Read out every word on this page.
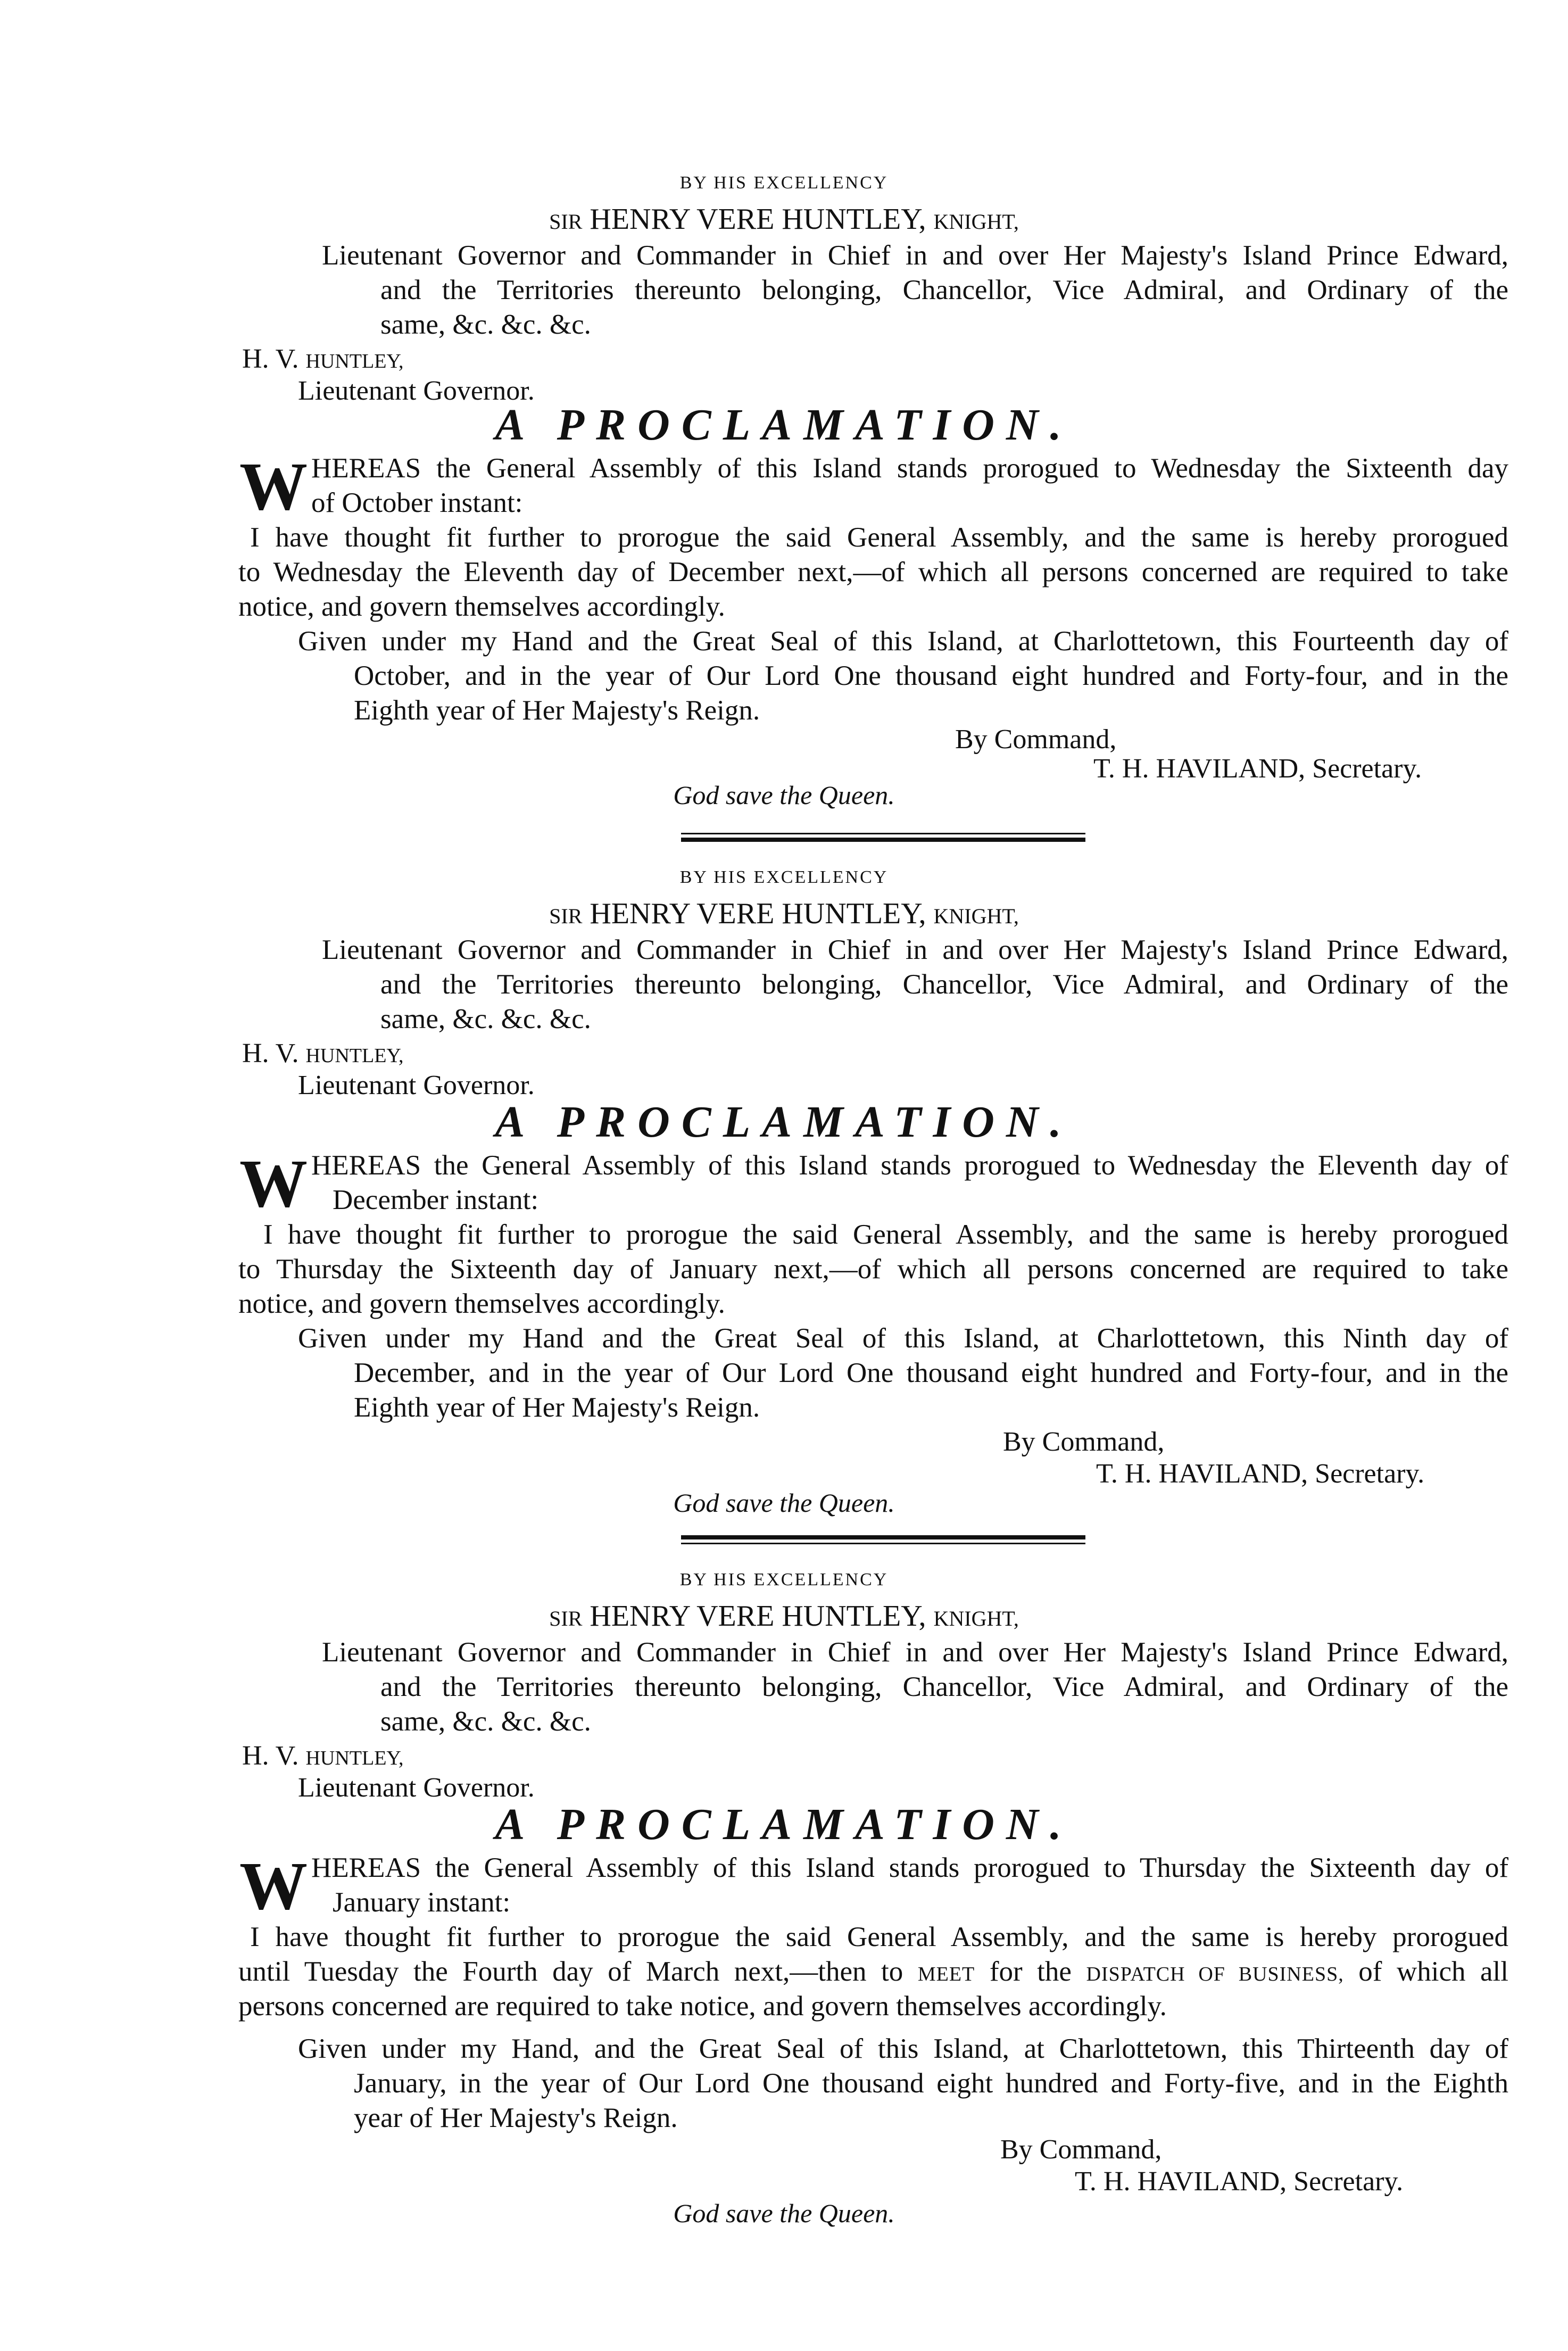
BY HIS EXCELLENCY
SIR HENRY VERE HUNTLEY, KNIGHT,
Lieutenant Governor and Commander in Chief in and over Her Majesty's Island Prince Edward,
and the Territories thereunto belonging, Chancellor, Vice Admiral, and Ordinary of the
same, &c. &c. &c.
H. V. HUNTLEY,
Lieutenant Governor.
A PROCLAMATION.
W HEREAS the General Assembly of this Island stands prorogued to Wednesday the Sixteenth day
of October instant:
I have thought fit further to prorogue the said General Assembly, and the same is hereby prorogued
to Wednesday the Eleventh day of December next,—of which all persons concerned are required to take
notice, and govern themselves accordingly.
Given under my Hand and the Great Seal of this Island, at Charlottetown, this Fourteenth day of
October, and in the year of Our Lord One thousand eight hundred and Forty-four, and in the
Eighth year of Her Majesty's Reign.
By Command,
T. H. HAVILAND, Secretary.
God save the Queen.
BY HIS EXCELLENCY
SIR HENRY VERE HUNTLEY, KNIGHT,
Lieutenant Governor and Commander in Chief in and over Her Majesty's Island Prince Edward,
and the Territories thereunto belonging, Chancellor, Vice Admiral, and Ordinary of the
same, &c. &c. &c.
H. V. HUNTLEY,
Lieutenant Governor.
A PROCLAMATION.
W HEREAS the General Assembly of this Island stands prorogued to Wednesday the Eleventh day of
December instant:
I have thought fit further to prorogue the said General Assembly, and the same is hereby prorogued
to Thursday the Sixteenth day of January next,—of which all persons concerned are required to take
notice, and govern themselves accordingly.
Given under my Hand and the Great Seal of this Island, at Charlottetown, this Ninth day of
December, and in the year of Our Lord One thousand eight hundred and Forty-four, and in the
Eighth year of Her Majesty's Reign.
By Command,
T. H. HAVILAND, Secretary.
God save the Queen.
BY HIS EXCELLENCY
SIR HENRY VERE HUNTLEY, KNIGHT,
Lieutenant Governor and Commander in Chief in and over Her Majesty's Island Prince Edward,
and the Territories thereunto belonging, Chancellor, Vice Admiral, and Ordinary of the
same, &c. &c. &c.
H. V. HUNTLEY,
Lieutenant Governor.
A PROCLAMATION.
W HEREAS the General Assembly of this Island stands prorogued to Thursday the Sixteenth day of
January instant:
I have thought fit further to prorogue the said General Assembly, and the same is hereby prorogued
until Tuesday the Fourth day of March next,—then to MEET for the DISPATCH OF BUSINESS, of which all
persons concerned are required to take notice, and govern themselves accordingly.
Given under my Hand, and the Great Seal of this Island, at Charlottetown, this Thirteenth day of
January, in the year of Our Lord One thousand eight hundred and Forty-five, and in the Eighth
year of Her Majesty's Reign.
By Command,
T. H. HAVILAND, Secretary.
God save the Queen.
